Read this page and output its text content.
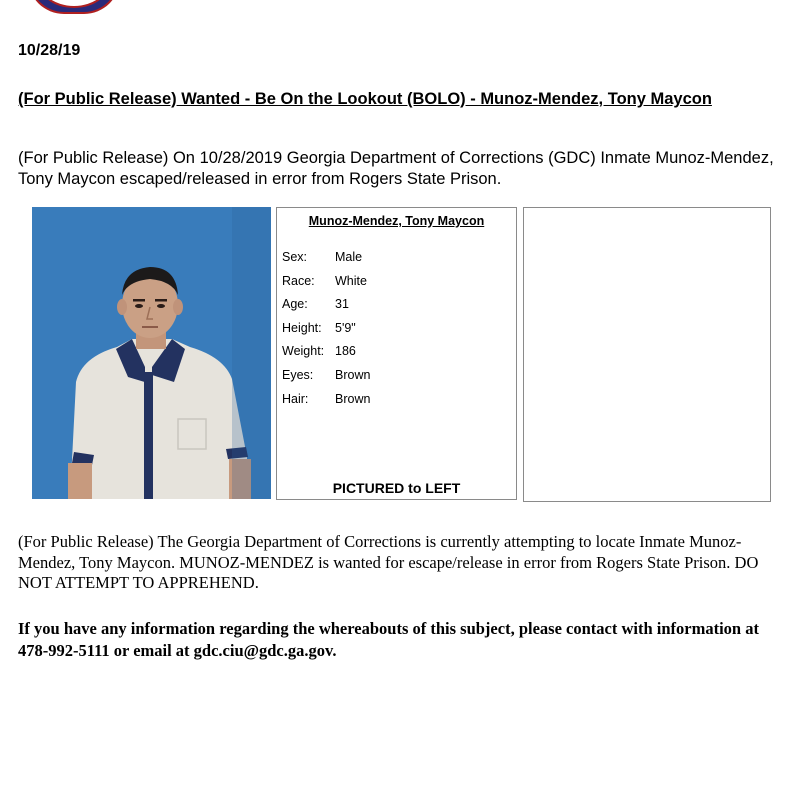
10/28/19
(For Public Release) Wanted - Be On the Lookout (BOLO) - Munoz-Mendez, Tony Maycon
(For Public Release) On 10/28/2019 Georgia Department of Corrections (GDC) Inmate Munoz-Mendez, Tony Maycon escaped/released in error from Rogers State Prison.
Munoz-Mendez, Tony Maycon
Sex: Male
Race: White
Age: 31
Height: 5'9"
Weight: 186
Eyes: Brown
Hair: Brown
PICTURED to LEFT
(For Public Release) The Georgia Department of Corrections is currently attempting to locate Inmate Munoz-Mendez, Tony Maycon. MUNOZ-MENDEZ is wanted for escape/release in error from Rogers State Prison. DO NOT ATTEMPT TO APPREHEND.
If you have any information regarding the whereabouts of this subject, please contact with information at 478-992-5111 or email at gdc.ciu@gdc.ga.gov.
